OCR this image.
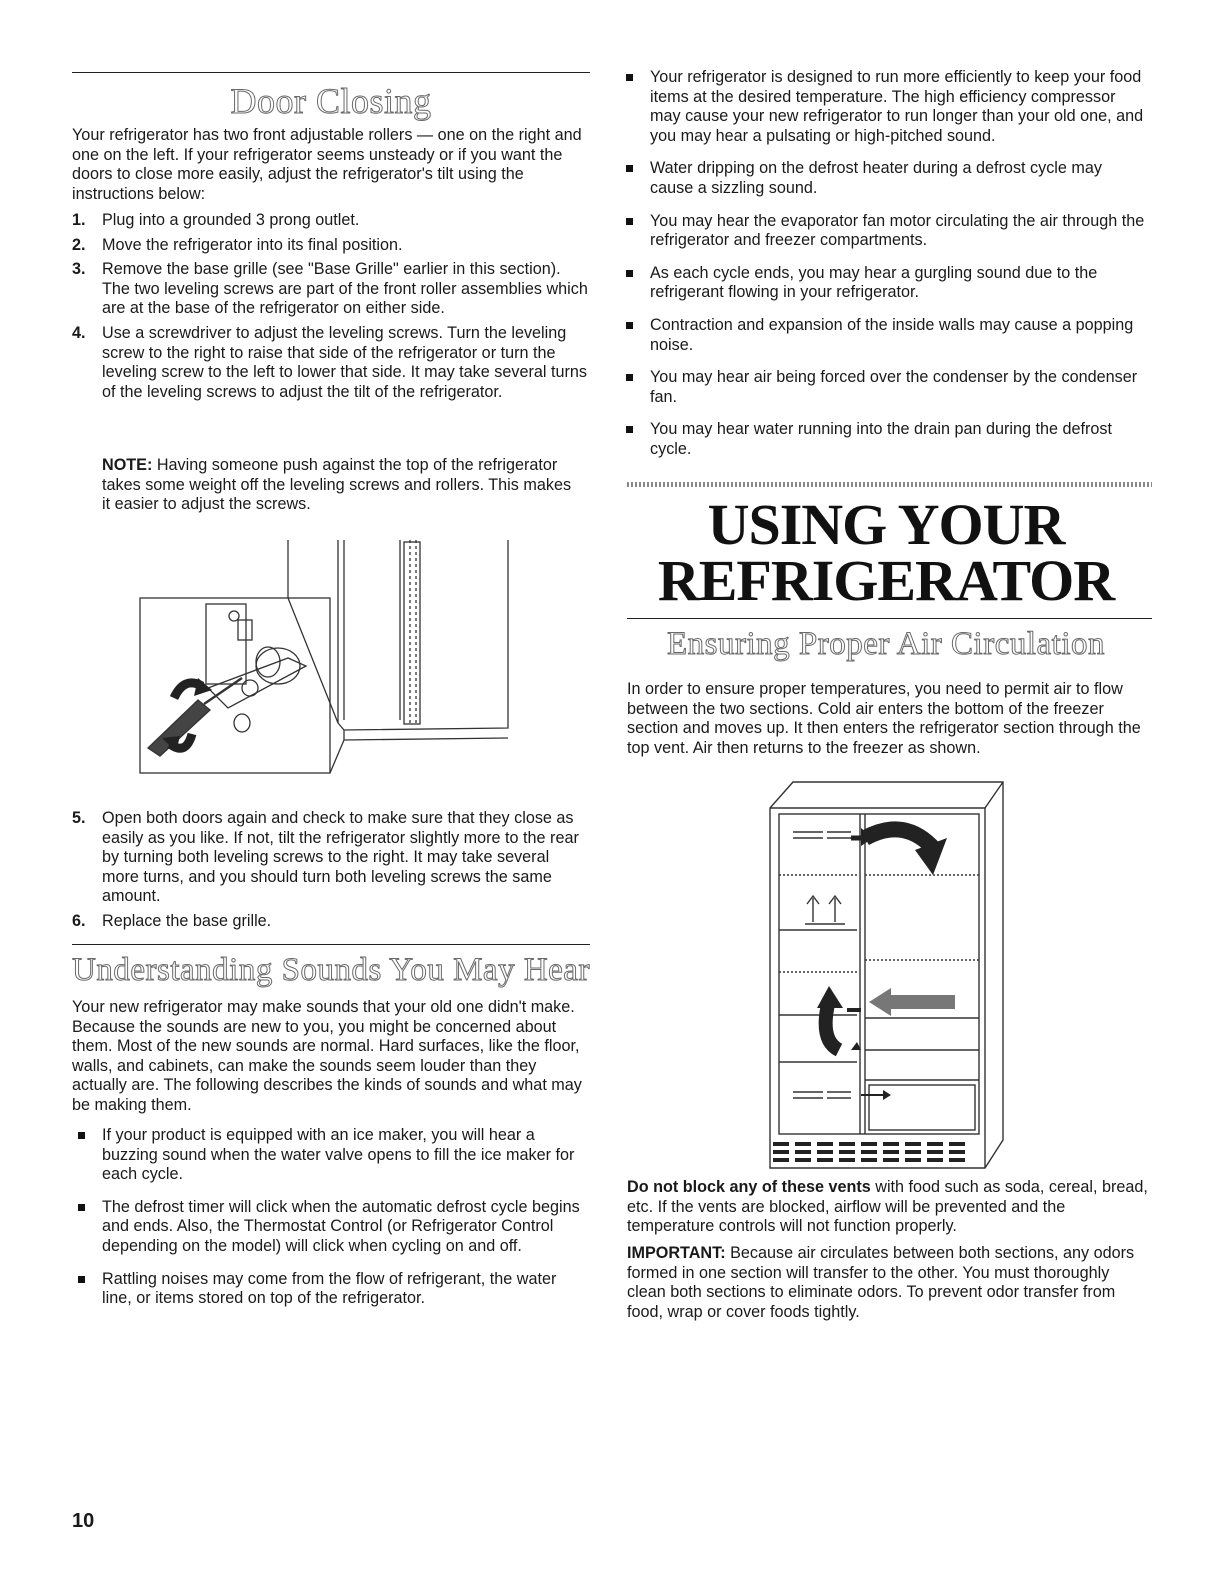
Door Closing

Your refrigerator has two front adjustable rollers — one on the right and one on the left. If your refrigerator seems unsteady or if you want the doors to close more easily, adjust the refrigerator's tilt using the instructions below:

1. Plug into a grounded 3 prong outlet.
2. Move the refrigerator into its final position.
3. Remove the base grille (see "Base Grille" earlier in this section). The two leveling screws are part of the front roller assemblies which are at the base of the refrigerator on either side.
4. Use a screwdriver to adjust the leveling screws. Turn the leveling screw to the right to raise that side of the refrigerator or turn the leveling screw to the left to lower that side. It may take several turns of the leveling screws to adjust the tilt of the refrigerator.

NOTE: Having someone push against the top of the refrigerator takes some weight off the leveling screws and rollers. This makes it easier to adjust the screws.

5. Open both doors again and check to make sure that they close as easily as you like. If not, tilt the refrigerator slightly more to the rear by turning both leveling screws to the right. It may take several more turns, and you should turn both leveling screws the same amount.
6. Replace the base grille.
Understanding Sounds You May Hear

Your new refrigerator may make sounds that your old one didn't make. Because the sounds are new to you, you might be concerned about them. Most of the new sounds are normal. Hard surfaces, like the floor, walls, and cabinets, can make the sounds seem louder than they actually are. The following describes the kinds of sounds and what may be making them.

If your product is equipped with an ice maker, you will hear a buzzing sound when the water valve opens to fill the ice maker for each cycle.
The defrost timer will click when the automatic defrost cycle begins and ends. Also, the Thermostat Control (or Refrigerator Control depending on the model) will click when cycling on and off.
Rattling noises may come from the flow of refrigerant, the water line, or items stored on top of the refrigerator.
Your refrigerator is designed to run more efficiently to keep your food items at the desired temperature. The high efficiency compressor may cause your new refrigerator to run longer than your old one, and you may hear a pulsating or high-pitched sound.
Water dripping on the defrost heater during a defrost cycle may cause a sizzling sound.
You may hear the evaporator fan motor circulating the air through the refrigerator and freezer compartments.
As each cycle ends, you may hear a gurgling sound due to the refrigerant flowing in your refrigerator.
Contraction and expansion of the inside walls may cause a popping noise.
You may hear air being forced over the condenser by the condenser fan.
You may hear water running into the drain pan during the defrost cycle.
USING YOUR
REFRIGERATOR
Ensuring Proper Air Circulation

In order to ensure proper temperatures, you need to permit air to flow between the two sections. Cold air enters the bottom of the freezer section and moves up. It then enters the refrigerator section through the top vent. Air then returns to the freezer as shown.

Do not block any of these vents with food such as soda, cereal, bread, etc. If the vents are blocked, airflow will be prevented and the temperature controls will not function properly.

IMPORTANT: Because air circulates between both sections, any odors formed in one section will transfer to the other. You must thoroughly clean both sections to eliminate odors. To prevent odor transfer from food, wrap or cover foods tightly.

10
